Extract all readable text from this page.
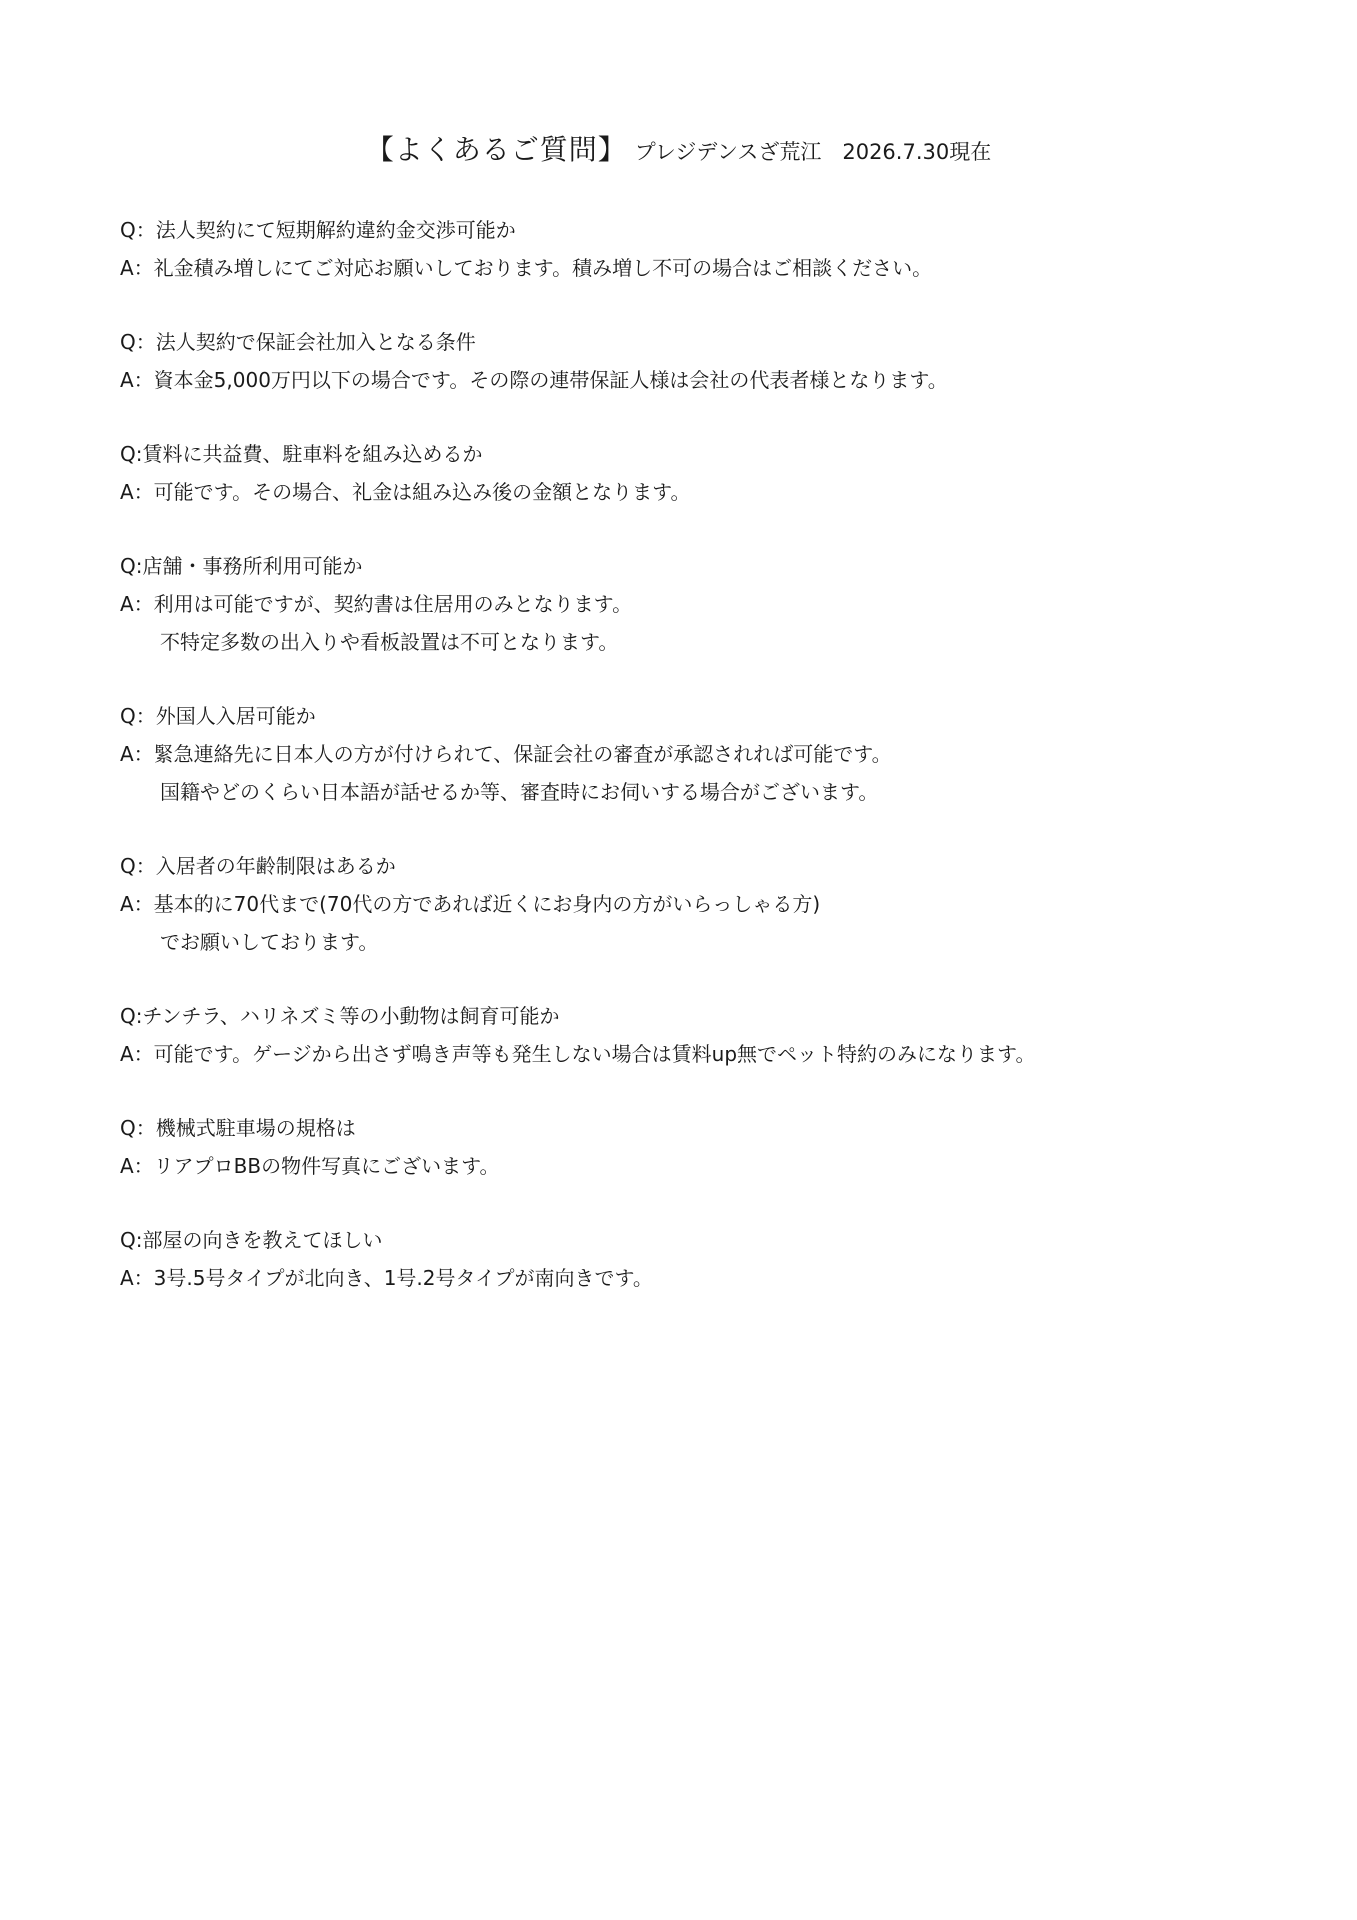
【よくあるご質問】 プレジデンスざ荒江　2026.7.30現在
Q：法人契約にて短期解約違約金交渉可能か
A：礼金積み増しにてご対応お願いしております。積み増し不可の場合はご相談ください。
Q：法人契約で保証会社加入となる条件
A：資本金5,000万円以下の場合です。その際の連帯保証人様は会社の代表者様となります。
Q:賃料に共益費、駐車料を組み込めるか
A：可能です。その場合、礼金は組み込み後の金額となります。
Q:店舗・事務所利用可能か
A：利用は可能ですが、契約書は住居用のみとなります。
不特定多数の出入りや看板設置は不可となります。
Q：外国人入居可能か
A：緊急連絡先に日本人の方が付けられて、保証会社の審査が承認されれば可能です。
国籍やどのくらい日本語が話せるか等、審査時にお伺いする場合がございます。
Q：入居者の年齢制限はあるか
A：基本的に70代まで(70代の方であれば近くにお身内の方がいらっしゃる方)
でお願いしております。
Q:チンチラ、ハリネズミ等の小動物は飼育可能か
A：可能です。ゲージから出さず鳴き声等も発生しない場合は賃料up無でペット特約のみになります。
Q：機械式駐車場の規格は
A：リアプロBBの物件写真にございます。
Q:部屋の向きを教えてほしい
A：3号.5号タイプが北向き、1号.2号タイプが南向きです。
